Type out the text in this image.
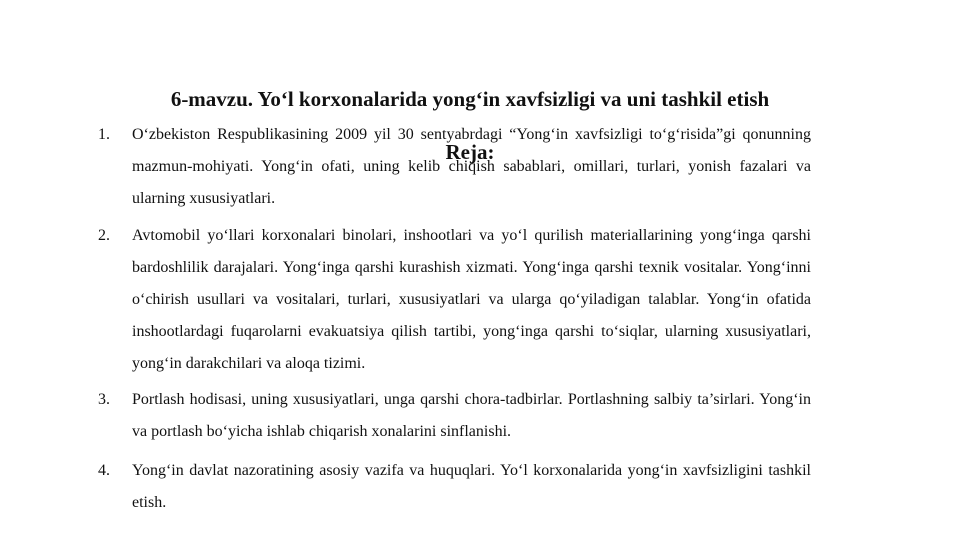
6-mavzu. Yo‘l korxonalarida yong‘in xavfsizligi va uni tashkil etish
1.	O‘zbekiston Respublikasining 2009 yil 30 sentyabrdagi “Yong‘in xavfsizligi to‘g‘risida”gi qonunning mazmun-mohiyati. Yong‘in ofati, uning kelib chiqish sabablari, omillari, turlari, yonish fazalari va ularning xususiyatlari.
2.	Avtomobil yo‘llari korxonalari binolari, inshootlari va yo‘l qurilish materiallarining yong‘inga qarshi bardoshlilik darajalari. Yong‘inga qarshi kurashish xizmati. Yong‘inga qarshi texnik vositalar. Yong‘inni o‘chirish usullari va vositalari, turlari, xususiyatlari va ularga qo‘yiladigan talablar. Yong‘in ofatida inshootlardagi fuqarolarni evakuatsiya qilish tartibi, yong‘inga qarshi to‘siqlar, ularning xususiyatlari, yong‘in darakchilari va aloqa tizimi.
3.	Portlash hodisasi, uning xususiyatlari, unga qarshi chora-tadbirlar. Portlashning salbiy ta’sirlari. Yong‘in va portlash bo‘yicha ishlab chiqarish xonalarini sinflanishi.
4.	Yong‘in davlat nazoratining asosiy vazifa va huquqlari. Yo‘l korxonalarida yong‘in xavfsizligini tashkil etish.
Reja:
